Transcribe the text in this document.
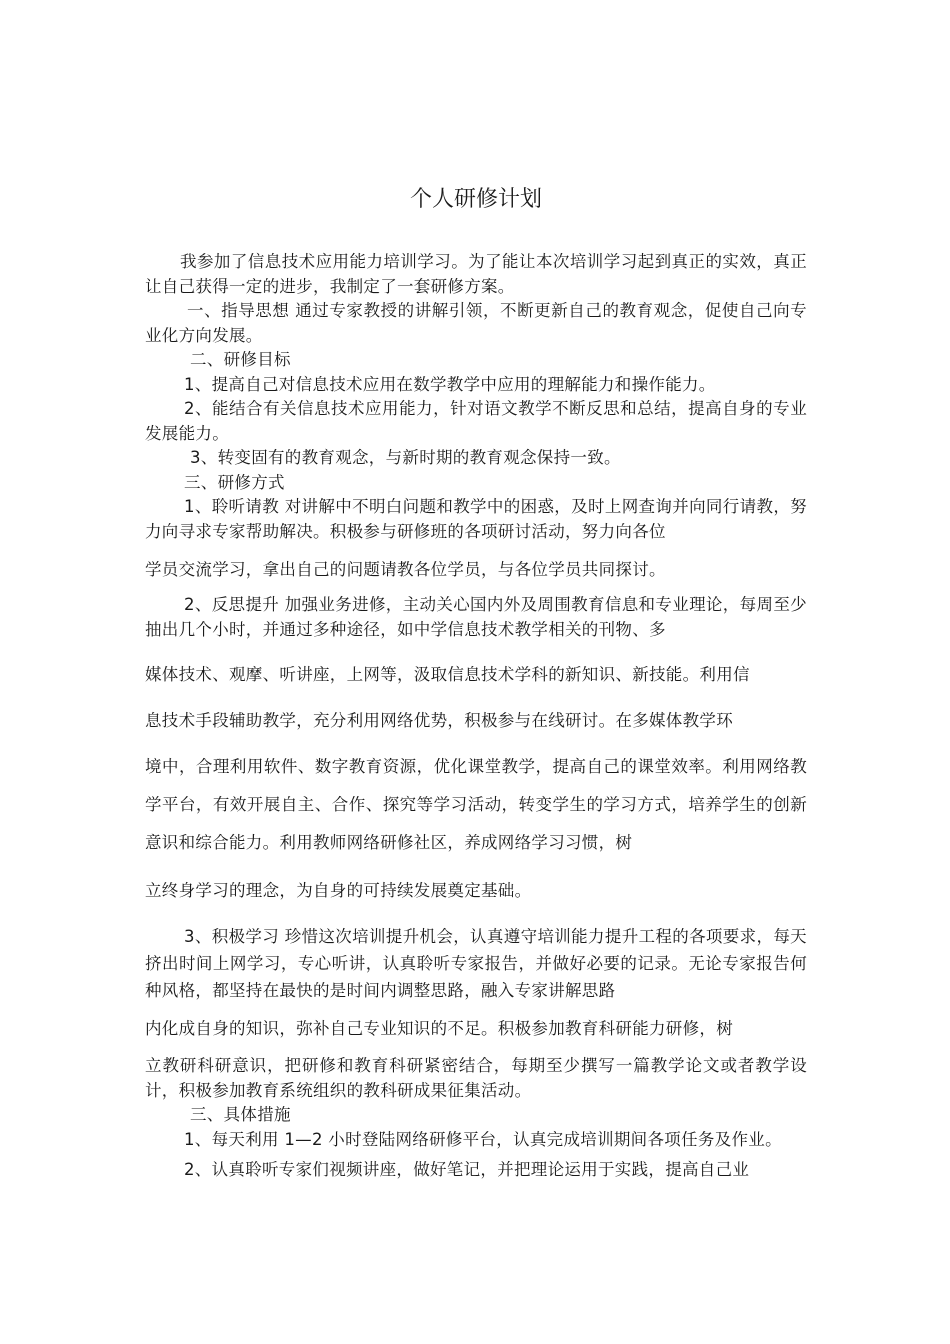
个人研修计划

我参加了信息技术应用能力培训学习。为了能让本次培训学习起到真正的实效，真正让自己获得一定的进步，我制定了一套研修方案。

一、指导思想 通过专家教授的讲解引领，不断更新自己的教育观念，促使自己向专业化方向发展。

二、研修目标

1、提高自己对信息技术应用在数学教学中应用的理解能力和操作能力。

2、能结合有关信息技术应用能力，针对语文教学不断反思和总结，提高自身的专业发展能力。

3、转变固有的教育观念，与新时期的教育观念保持一致。

三、研修方式

1、聆听请教 对讲解中不明白问题和教学中的困惑，及时上网查询并向同行请教，努力向寻求专家帮助解决。积极参与研修班的各项研讨活动，努力向各位

学员交流学习，拿出自己的问题请教各位学员，与各位学员共同探讨。

2、反思提升 加强业务进修，主动关心国内外及周围教育信息和专业理论，每周至少抽出几个小时，并通过多种途径，如中学信息技术教学相关的刊物、多

媒体技术、观摩、听讲座，上网等，汲取信息技术学科的新知识、新技能。利用信

息技术手段辅助教学，充分利用网络优势，积极参与在线研讨。在多媒体教学环

境中，合理利用软件、数字教育资源，优化课堂教学，提高自己的课堂效率。利用网络教学平台，有效开展自主、合作、探究等学习活动，转变学生的学习方式，培养学生的创新意识和综合能力。利用教师网络研修社区，养成网络学习习惯，树

立终身学习的理念，为自身的可持续发展奠定基础。

3、积极学习 珍惜这次培训提升机会，认真遵守培训能力提升工程的各项要求，每天挤出时间上网学习，专心听讲，认真聆听专家报告，并做好必要的记录。无论专家报告何种风格，都坚持在最快的是时间内调整思路，融入专家讲解思路

内化成自身的知识，弥补自己专业知识的不足。积极参加教育科研能力研修，树

立教研科研意识，把研修和教育科研紧密结合，每期至少撰写一篇教学论文或者教学设计，积极参加教育系统组织的教科研成果征集活动。

三、具体措施

1、每天利用 1—2 小时登陆网络研修平台，认真完成培训期间各项任务及作业。

2、认真聆听专家们视频讲座，做好笔记，并把理论运用于实践，提高自己业
